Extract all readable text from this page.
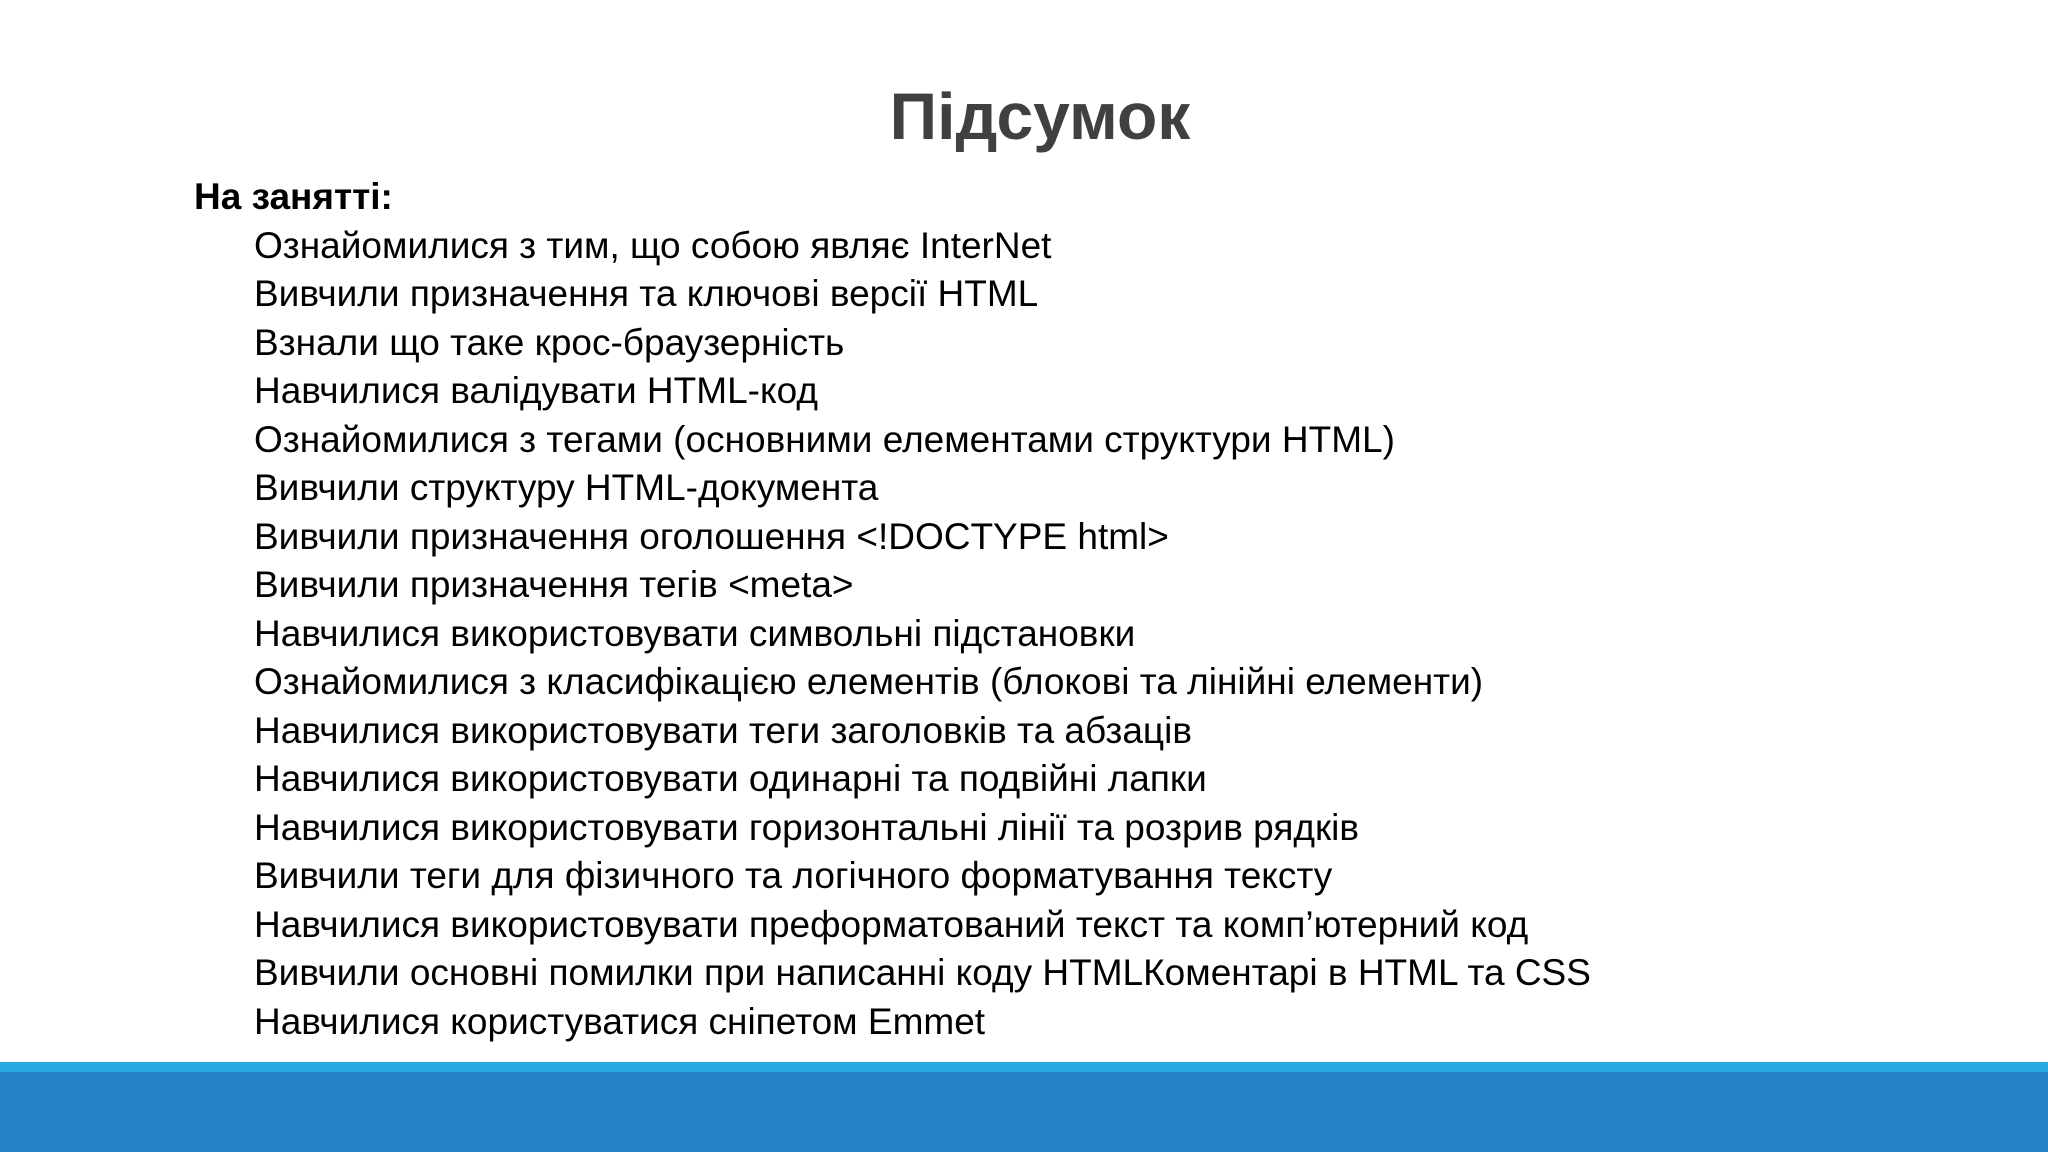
Підсумок
На занятті:
Ознайомилися з тим, що собою являє InterNet
Вивчили призначення та ключові версії HTML
Взнали що таке крос-браузерність
Навчилися валідувати HTML-код
Ознайомилися з тегами (основними елементами структури HTML)
Вивчили структуру HTML-документа
Вивчили призначення оголошення <!DOCTYPE html>
Вивчили призначення тегів <meta>
Навчилися використовувати символьні підстановки
Ознайомилися з класифікацією елементів (блокові та лінійні елементи)
Навчилися використовувати теги заголовків та абзаців
Навчилися використовувати одинарні та подвійні лапки
Навчилися використовувати горизонтальні лінії та розрив рядків
Вивчили теги для фізичного та логічного форматування тексту
Навчилися використовувати преформатований текст та комп’ютерний код
Вивчили основні помилки при написанні коду HTMLКоментарі в HTML та CSS
Навчилися користуватися сніпетом Emmet
